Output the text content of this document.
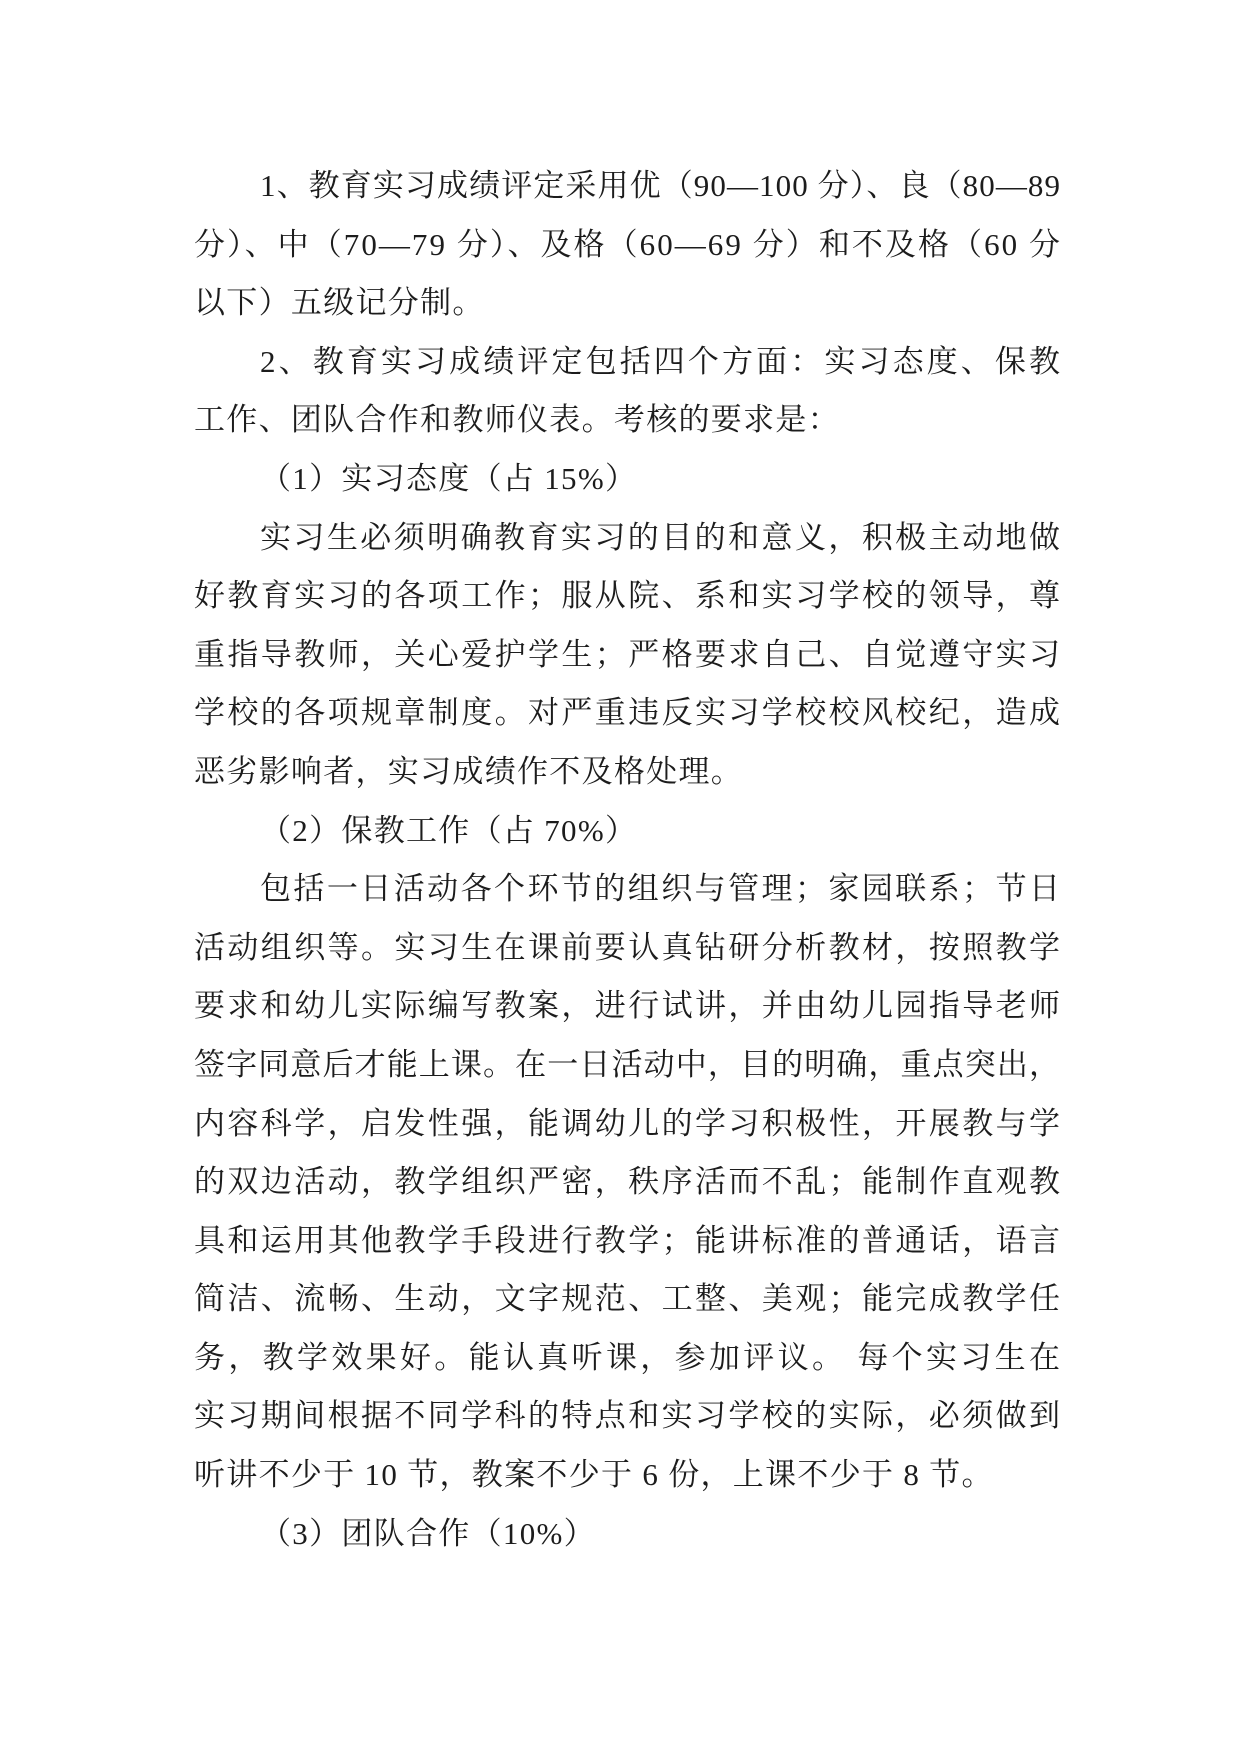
1、教育实习成绩评定采用优（90—100 分）、良（80—89
分）、中（70—79 分）、及格（60—69 分）和不及格（60 分
以下）五级记分制。
2、教育实习成绩评定包括四个方面：实习态度、保教
工作、团队合作和教师仪表。考核的要求是：
（1）实习态度（占 15%）
实习生必须明确教育实习的目的和意义，积极主动地做
好教育实习的各项工作；服从院、系和实习学校的领导，尊
重指导教师，关心爱护学生；严格要求自己、自觉遵守实习
学校的各项规章制度。对严重违反实习学校校风校纪，造成
恶劣影响者，实习成绩作不及格处理。
（2）保教工作（占 70%）
包括一日活动各个环节的组织与管理；家园联系；节日
活动组织等。实习生在课前要认真钻研分析教材，按照教学
要求和幼儿实际编写教案，进行试讲，并由幼儿园指导老师
签字同意后才能上课。在一日活动中，目的明确，重点突出，
内容科学，启发性强，能调幼儿的学习积极性，开展教与学
的双边活动，教学组织严密，秩序活而不乱；能制作直观教
具和运用其他教学手段进行教学；能讲标准的普通话，语言
简洁、流畅、生动，文字规范、工整、美观；能完成教学任
务，教学效果好。能认真听课，参加评议。 每个实习生在
实习期间根据不同学科的特点和实习学校的实际，必须做到
听讲不少于 10 节，教案不少于 6 份，上课不少于 8 节。
（3）团队合作（10%）
